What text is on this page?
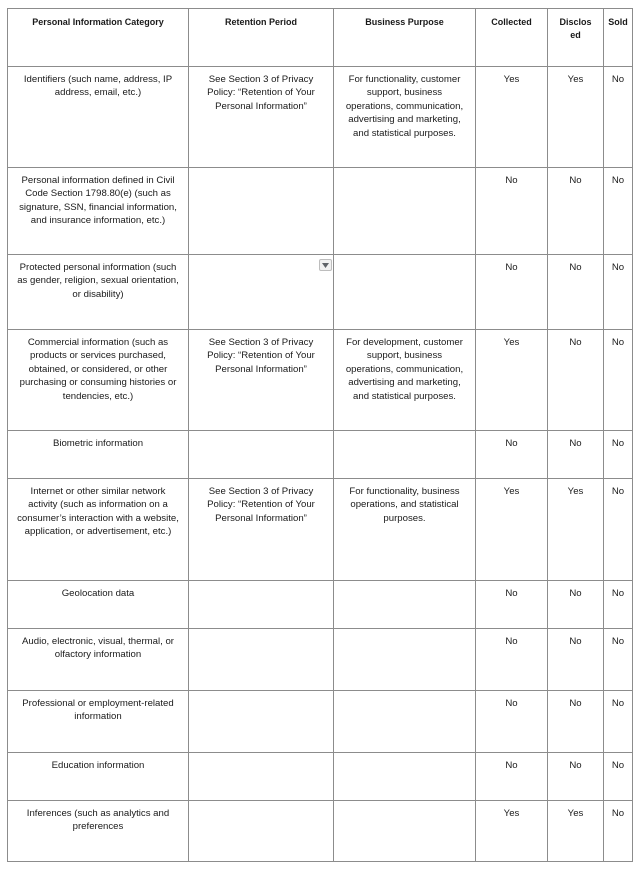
Personal Information Category	Retention Period	Business Purpose	Collected	Disclosed	Sold
Identifiers (such name, address, IP address, email, etc.)	See Section 3 of Privacy Policy: “Retention of Your Personal Information”	For functionality, customer support, business operations, communication, advertising and marketing, and statistical purposes.	Yes	Yes	No
Personal information defined in Civil Code Section 1798.80(e) (such as signature, SSN, financial information, and insurance information, etc.)			No	No	No
Protected personal information (such as gender, religion, sexual orientation, or disability)			No	No	No
Commercial information (such as products or services purchased, obtained, or considered, or other purchasing or consuming histories or tendencies, etc.)	See Section 3 of Privacy Policy: “Retention of Your Personal Information”	For development, customer support, business operations, communication, advertising and marketing, and statistical purposes.	Yes	No	No
Biometric information			No	No	No
Internet or other similar network activity (such as information on a consumer’s interaction with a website, application, or advertisement, etc.)	See Section 3 of Privacy Policy: “Retention of Your Personal Information”	For functionality, business operations, and statistical purposes.	Yes	Yes	No
Geolocation data			No	No	No
Audio, electronic, visual, thermal, or olfactory information			No	No	No
Professional or employment-related information			No	No	No
Education information			No	No	No
Inferences (such as analytics and preferences			Yes	Yes	No
